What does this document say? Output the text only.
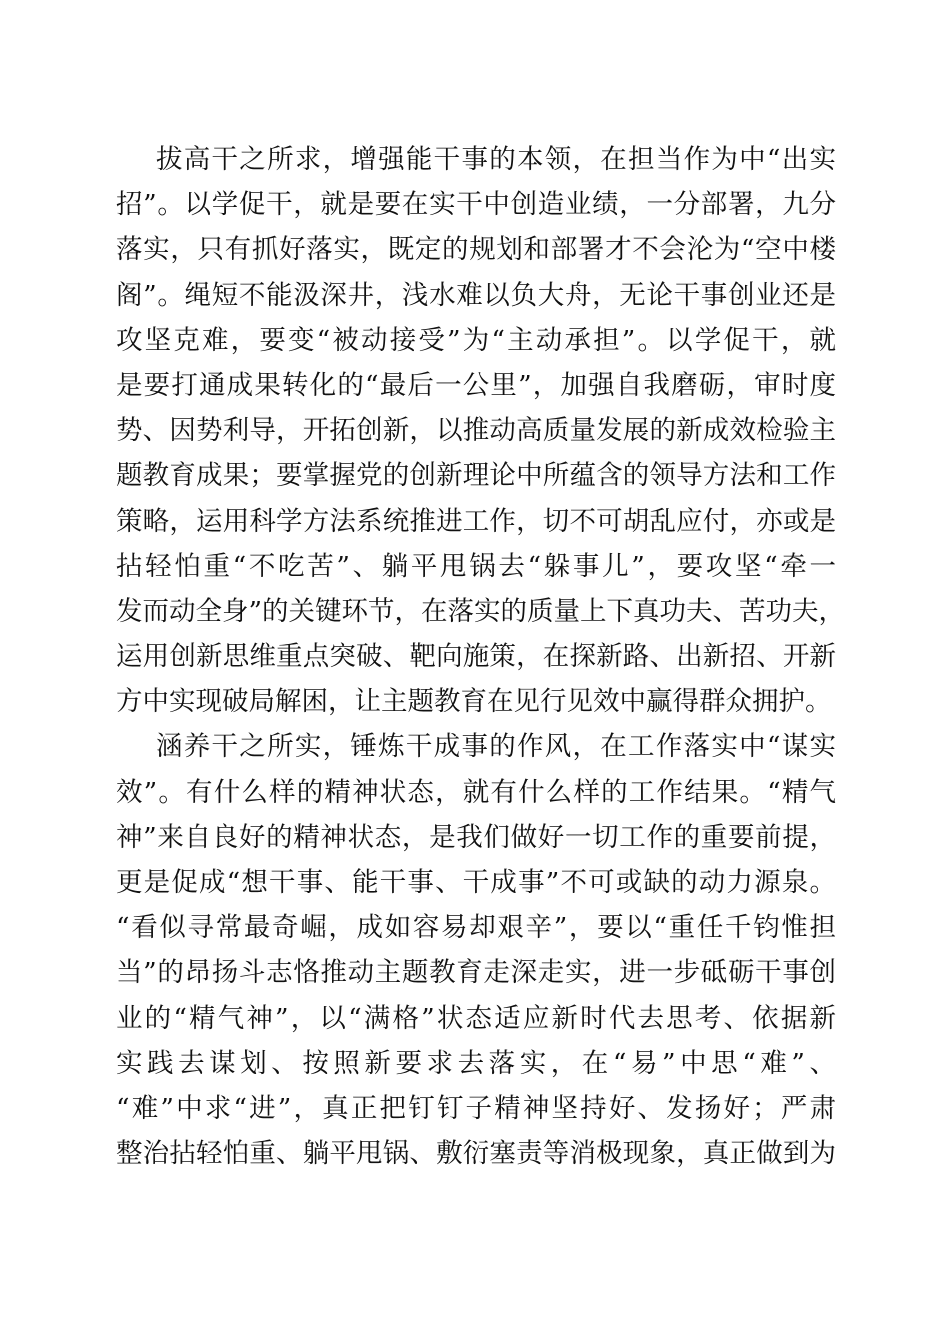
拔高干之所求，增强能干事的本领，在担当作为中“出实
招”。以学促干，就是要在实干中创造业绩，一分部署，九分
落实，只有抓好落实，既定的规划和部署才不会沦为“空中楼
阁”。绳短不能汲深井，浅水难以负大舟，无论干事创业还是
攻坚克难，要变“被动接受”为“主动承担”。以学促干，就
是要打通成果转化的“最后一公里”，加强自我磨砺，审时度
势、因势利导，开拓创新，以推动高质量发展的新成效检验主
题教育成果；要掌握党的创新理论中所蕴含的领导方法和工作
策略，运用科学方法系统推进工作，切不可胡乱应付，亦或是
拈轻怕重“不吃苦”、躺平甩锅去“躲事儿”，要攻坚“牵一
发而动全身”的关键环节，在落实的质量上下真功夫、苦功夫，
运用创新思维重点突破、靶向施策，在探新路、出新招、开新
方中实现破局解困，让主题教育在见行见效中赢得群众拥护。
涵养干之所实，锤炼干成事的作风，在工作落实中“谋实
效”。有什么样的精神状态，就有什么样的工作结果。“精气
神”来自良好的精神状态，是我们做好一切工作的重要前提，
更是促成“想干事、能干事、干成事”不可或缺的动力源泉。
“看似寻常最奇崛，成如容易却艰辛”，要以“重任千钧惟担
当”的昂扬斗志恪推动主题教育走深走实，进一步砥砺干事创
业的“精气神”，以“满格”状态适应新时代去思考、依据新
实践去谋划、按照新要求去落实，在“易”中思“难”、
“难”中求“进”，真正把钉钉子精神坚持好、发扬好；严肃
整治拈轻怕重、躺平甩锅、敷衍塞责等消极现象，真正做到为
